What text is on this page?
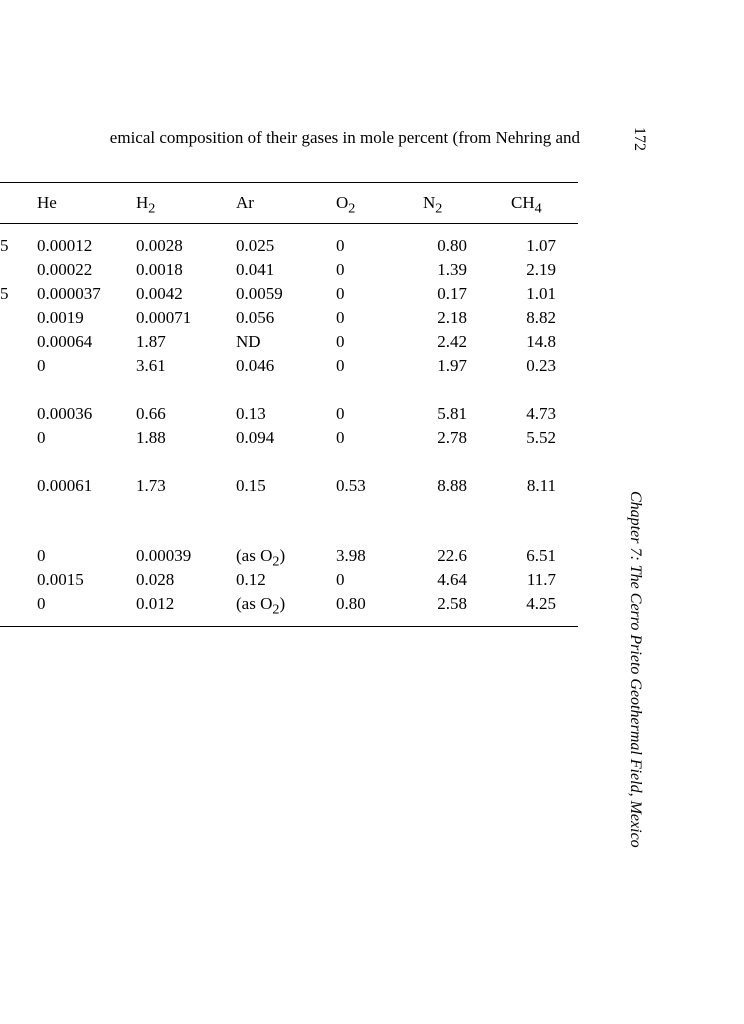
emical composition of their gases in mole percent (from Nehring and	172
Chapter 7: The Cerro Prieto Geothermal Field, Mexico
He	$H_2$	Ar	$O_2$	$N_2$	$CH_4$
5
5
0.00012	0.0028	0.025	0	0.80	1.07
0.00022	0.0018	0.041	0	1.39	2.19
0.000037 0.0042	0.0059	0	0.17	1.01
0.0019	0.00071	0.056	0	2.18	8.82
0.00064	1.87	ND	0	2.42	14.8
0	3.61	0.046	0	1.97	0.23
0.00036	0.66	0.13	0	5.81	4.73
0	1.88	0.094	0	2.78	5.52
0.00061	1.73	0.15	0.53	8.88	8.11
0	0.00039	(as $O_2$)	3.98	22.6	6.51
0.0015	0.028	0.12	0	4.64	11.7
0	0.012	(as $O_2$)	0.80	2.58	4.25
